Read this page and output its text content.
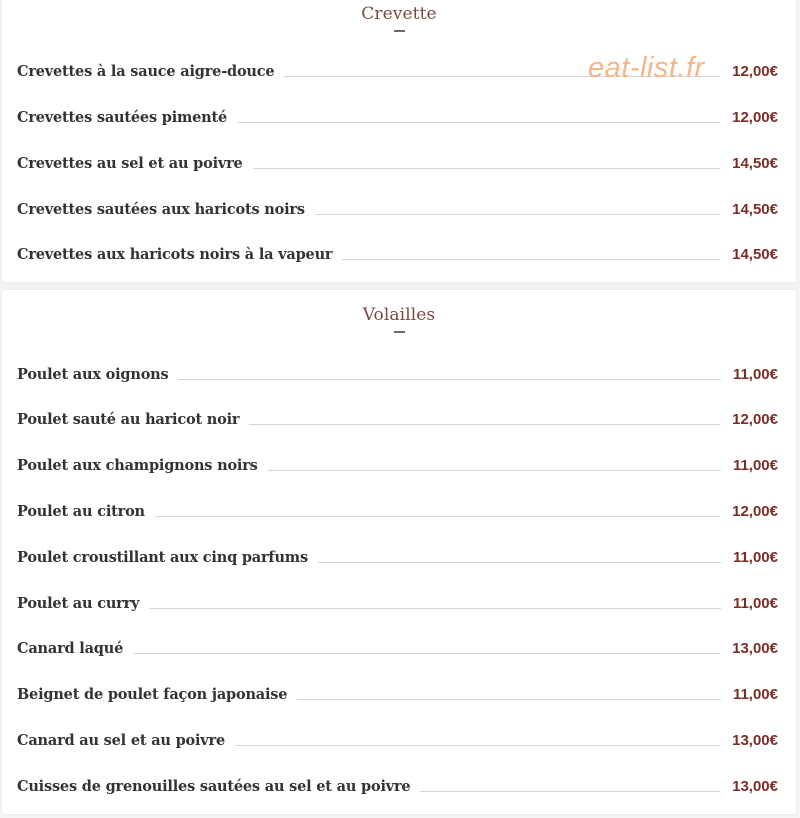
Crevette
Crevettes à la sauce aigre-douce	12,00€
Crevettes sautées pimenté	12,00€
Crevettes au sel et au poivre	14,50€
Crevettes sautées aux haricots noirs	14,50€
Crevettes aux haricots noirs à la vapeur	14,50€
Volailles
Poulet aux oignons	11,00€
Poulet sauté au haricot noir	12,00€
Poulet aux champignons noirs	11,00€
Poulet au citron	12,00€
Poulet croustillant aux cinq parfums	11,00€
Poulet au curry	11,00€
Canard laqué	13,00€
Beignet de poulet façon japonaise	11,00€
Canard au sel et au poivre	13,00€
Cuisses de grenouilles sautées au sel et au poivre	13,00€
eat-list.fr
